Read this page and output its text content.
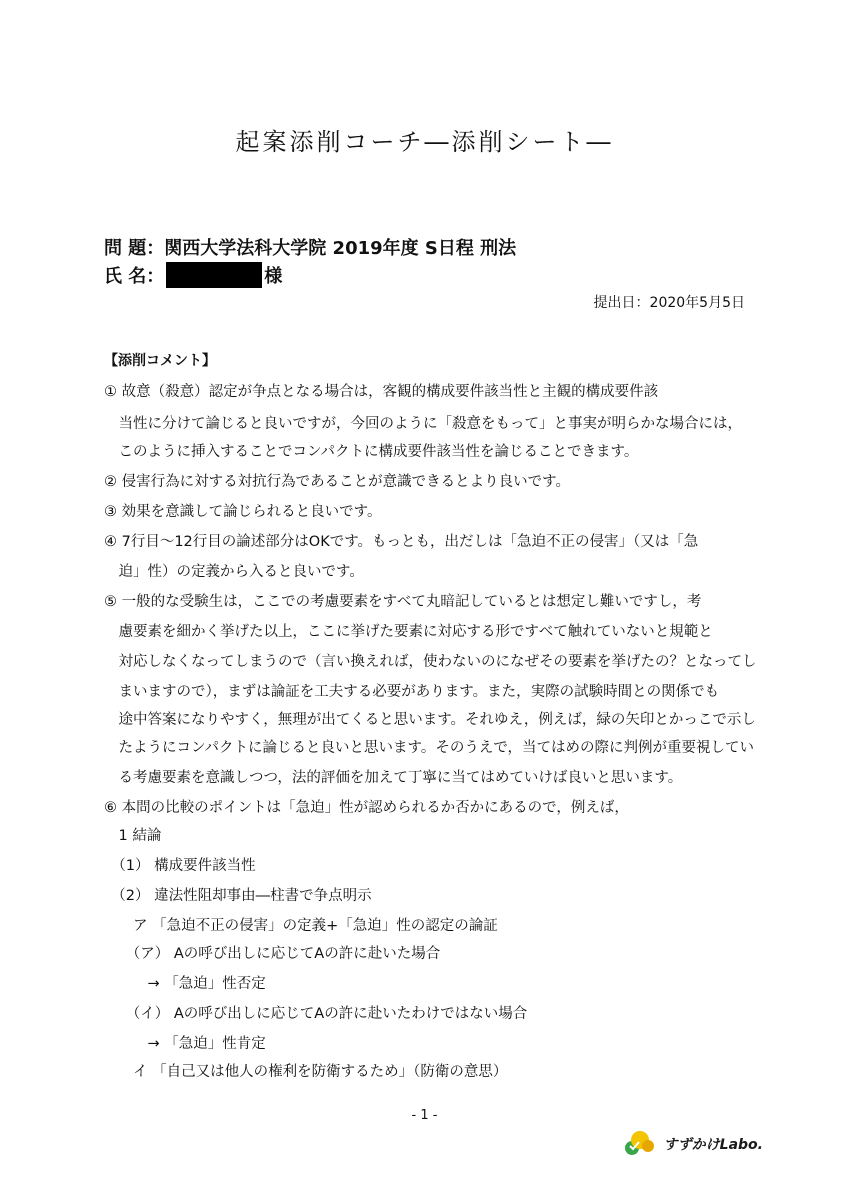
起案添削コーチ―添削シート―
問 題：関西大学法科大学院 2019年度 S日程 刑法
氏 名：	様
提出日：2020年5月5日
【添削コメント】
① 故意（殺意）認定が争点となる場合は，客観的構成要件該当性と主観的構成要件該
　当性に分けて論じると良いですが，今回のように「殺意をもって」と事実が明らかな場合には，
　このように挿入することでコンパクトに構成要件該当性を論じることできます。
② 侵害行為に対する対抗行為であることが意識できるとより良いです。
③ 効果を意識して論じられると良いです。
④ 7行目～12行目の論述部分はOKです。もっとも，出だしは「急迫不正の侵害」（又は「急
　迫」性）の定義から入ると良いです。
⑤ 一般的な受験生は，ここでの考慮要素をすべて丸暗記しているとは想定し難いですし，考
　慮要素を細かく挙げた以上，ここに挙げた要素に対応する形ですべて触れていないと規範と
　対応しなくなってしまうので（言い換えれば，使わないのになぜその要素を挙げたの？となってし
　まいますので），まずは論証を工夫する必要があります。また，実際の試験時間との関係でも
　途中答案になりやすく，無理が出てくると思います。それゆえ，例えば，緑の矢印とかっこで示し
　たようにコンパクトに論じると良いと思います。そのうえで，当てはめの際に判例が重要視してい
　る考慮要素を意識しつつ，法的評価を加えて丁寧に当てはめていけば良いと思います。
⑥ 本問の比較のポイントは「急迫」性が認められるか否かにあるので，例えば，
　1 結論
　（1） 構成要件該当性
　（2） 違法性阻却事由―柱書で争点明示
　　ア 「急迫不正の侵害」の定義+「急迫」性の認定の論証
　　（ア） Aの呼び出しに応じてAの許に赴いた場合
　　　→ 「急迫」性否定
　　（イ） Aの呼び出しに応じてAの許に赴いたわけではない場合
　　　→ 「急迫」性肯定
　　イ 「自己又は他人の権利を防衛するため」（防衛の意思）
- 1 -
すずかけLabo.
